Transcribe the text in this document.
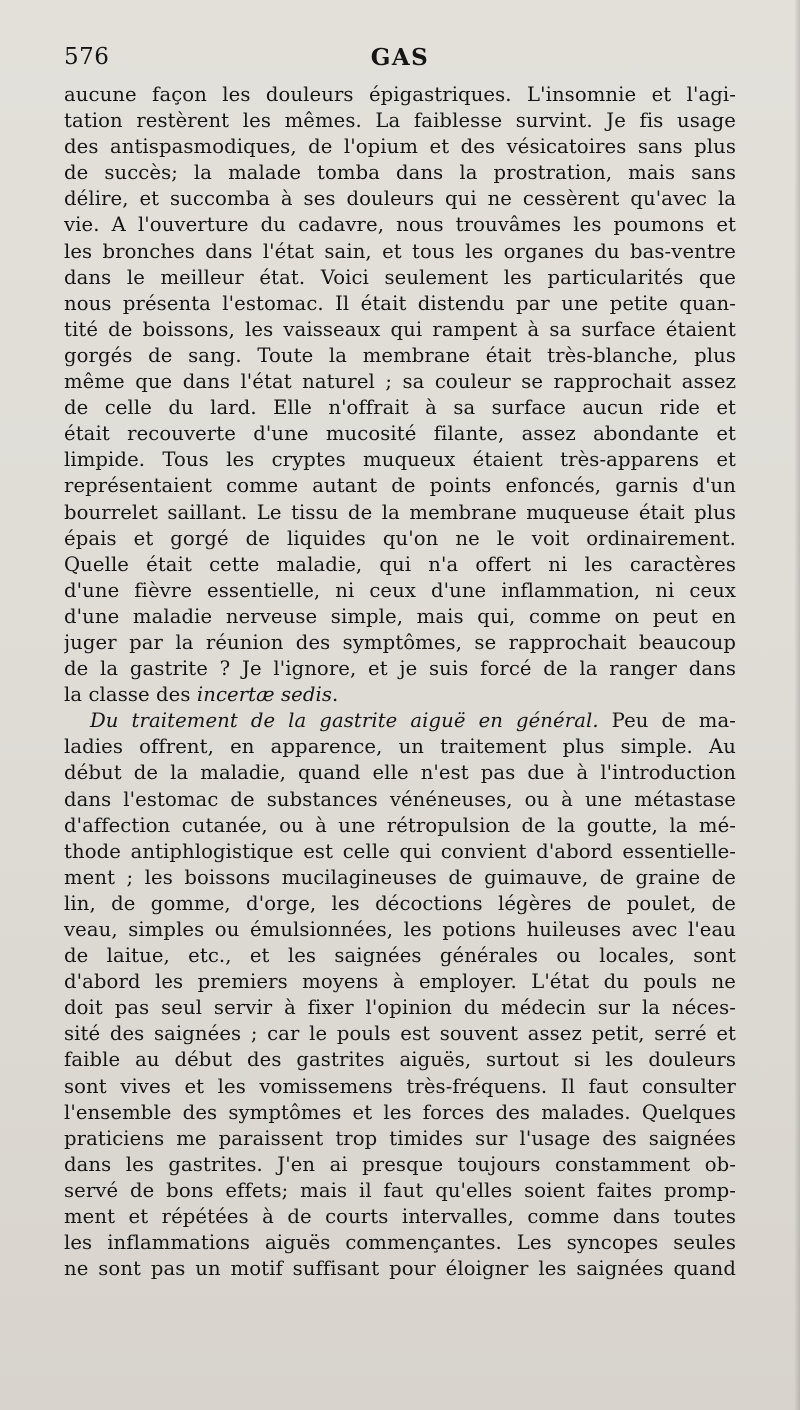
576	GAS
aucune façon les douleurs épigastriques. L'insomnie et l'agi-
tation restèrent les mêmes. La faiblesse survint. Je fis usage
des antispasmodiques, de l'opium et des vésicatoires sans plus
de succès; la malade tomba dans la prostration, mais sans
délire, et succomba à ses douleurs qui ne cessèrent qu'avec la
vie. A l'ouverture du cadavre, nous trouvâmes les poumons et
les bronches dans l'état sain, et tous les organes du bas-ventre
dans le meilleur état. Voici seulement les particularités que
nous présenta l'estomac. Il était distendu par une petite quan-
tité de boissons, les vaisseaux qui rampent à sa surface étaient
gorgés de sang. Toute la membrane était très-blanche, plus
même que dans l'état naturel ; sa couleur se rapprochait assez
de celle du lard. Elle n'offrait à sa surface aucun ride et
était recouverte d'une mucosité filante, assez abondante et
limpide. Tous les cryptes muqueux étaient très-apparens et
représentaient comme autant de points enfoncés, garnis d'un
bourrelet saillant. Le tissu de la membrane muqueuse était plus
épais et gorgé de liquides qu'on ne le voit ordinairement.
Quelle était cette maladie, qui n'a offert ni les caractères
d'une fièvre essentielle, ni ceux d'une inflammation, ni ceux
d'une maladie nerveuse simple, mais qui, comme on peut en
juger par la réunion des symptômes, se rapprochait beaucoup
de la gastrite ? Je l'ignore, et je suis forcé de la ranger dans
la classe des incertæ sedis.
Du traitement de la gastrite aiguë en général. Peu de ma-
ladies offrent, en apparence, un traitement plus simple. Au
début de la maladie, quand elle n'est pas due à l'introduction
dans l'estomac de substances vénéneuses, ou à une métastase
d'affection cutanée, ou à une rétropulsion de la goutte, la mé-
thode antiphlogistique est celle qui convient d'abord essentielle-
ment ; les boissons mucilagineuses de guimauve, de graine de
lin, de gomme, d'orge, les décoctions légères de poulet, de
veau, simples ou émulsionnées, les potions huileuses avec l'eau
de laitue, etc., et les saignées générales ou locales, sont
d'abord les premiers moyens à employer. L'état du pouls ne
doit pas seul servir à fixer l'opinion du médecin sur la néces-
sité des saignées ; car le pouls est souvent assez petit, serré et
faible au début des gastrites aiguës, surtout si les douleurs
sont vives et les vomissemens très-fréquens. Il faut consulter
l'ensemble des symptômes et les forces des malades. Quelques
praticiens me paraissent trop timides sur l'usage des saignées
dans les gastrites. J'en ai presque toujours constamment ob-
servé de bons effets; mais il faut qu'elles soient faites promp-
ment et répétées à de courts intervalles, comme dans toutes
les inflammations aiguës commençantes. Les syncopes seules
ne sont pas un motif suffisant pour éloigner les saignées quand
